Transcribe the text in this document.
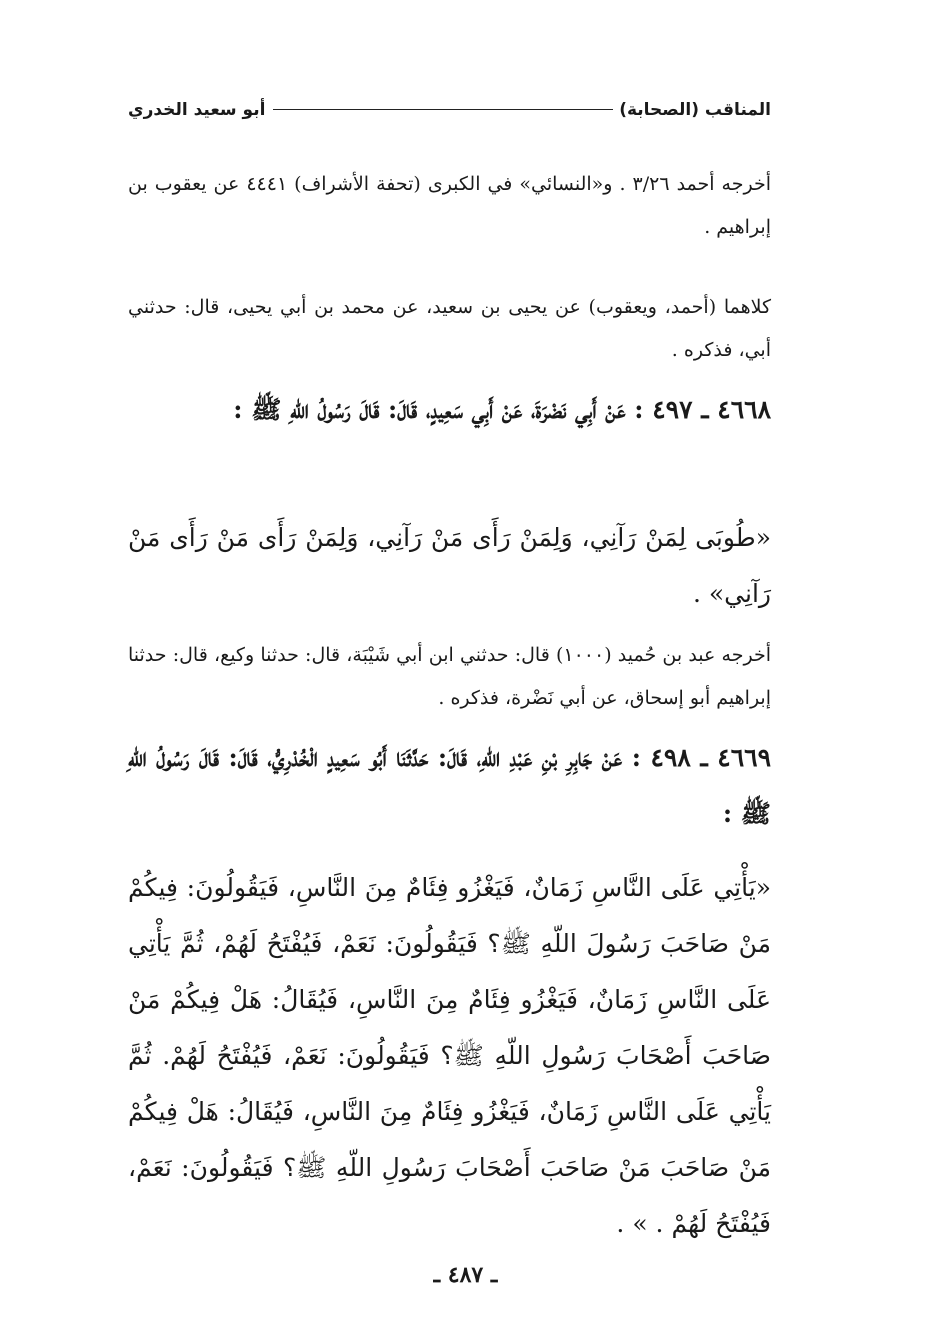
المناقب (الصحابة)
أبو سعيد الخدري
أخرجه أحمد ٣/٢٦ . و«النسائي» في الكبرى (تحفة الأشراف) ٤٤٤١ عن يعقوب بن إبراهيم .
كلاهما (أحمد، ويعقوب) عن يحيى بن سعيد، عن محمد بن أبي يحيى، قال: حدثني أبي، فذكره .
٤٦٦٨ ـ ٤٩٧ : عَنْ أَبِي نَضْرَةَ، عَنْ أَبِي سَعِيدٍ، قَالَ: قَالَ رَسُولُ اللّهِ ﷺ :
«طُوبَى لِمَنْ رَآنِي، وَلِمَنْ رَأَى مَنْ رَآنِي، وَلِمَنْ رَأَى مَنْ رَأَى مَنْ رَآنِي» .
أخرجه عبد بن حُميد (١٠٠٠) قال: حدثني ابن أبي شَيْبَة، قال: حدثنا وكيع، قال: حدثنا إبراهيم أبو إسحاق، عن أبي نَضْرة، فذكره .
٤٦٦٩ ـ ٤٩٨ : عَنْ جَابِرِ بْنِ عَبْدِ اللّهِ، قَالَ: حَدَّثَنَا أَبُو سَعِيدٍ الْخُدْرِيُّ، قَالَ: قَالَ رَسُولُ اللّهِ ﷺ :
«يَأْتِي عَلَى النَّاسِ زَمَانٌ، فَيَغْزُو فِئَامٌ مِنَ النَّاسِ، فَيَقُولُونَ: فِيكُمْ مَنْ صَاحَبَ رَسُولَ اللّهِ ﷺ؟ فَيَقُولُونَ: نَعَمْ، فَيُفْتَحُ لَهُمْ، ثُمَّ يَأْتِي عَلَى النَّاسِ زَمَانٌ، فَيَغْزُو فِئَامٌ مِنَ النَّاسِ، فَيُقَالُ: هَلْ فِيكُمْ مَنْ صَاحَبَ أَصْحَابَ رَسُولِ اللّهِ ﷺ؟ فَيَقُولُونَ: نَعَمْ، فَيُفْتَحُ لَهُمْ. ثُمَّ يَأْتِي عَلَى النَّاسِ زَمَانٌ، فَيَغْزُو فِئَامٌ مِنَ النَّاسِ، فَيُقَالُ: هَلْ فِيكُمْ مَنْ صَاحَبَ مَنْ صَاحَبَ أَصْحَابَ رَسُولِ اللّهِ ﷺ؟ فَيَقُولُونَ: نَعَمْ، فَيُفْتَحُ لَهُمْ . » .
ـ ٤٨٧ ـ
